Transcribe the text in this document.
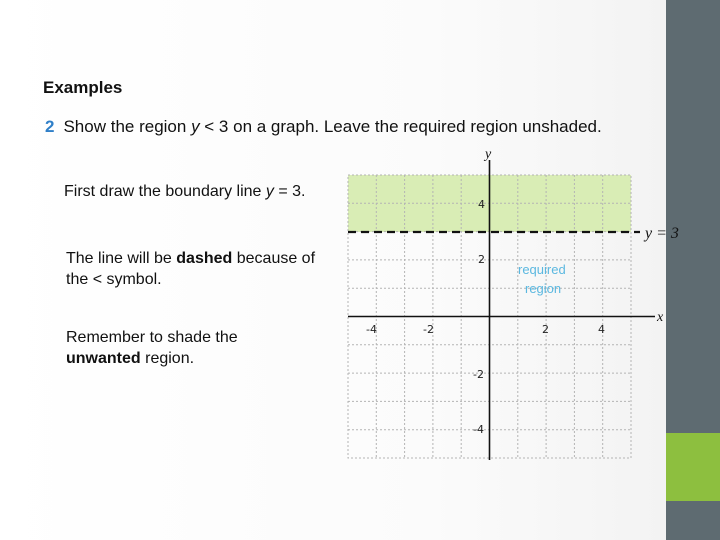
Examples
2 Show the region y < 3 on a graph. Leave the required region unshaded.
First draw the boundary line y = 3.
The line will be dashed because of the < symbol.
Remember to shade the unwanted region.
y
x
y = 3
required
region
-4	-2	2	4
4
2
-2
-4
